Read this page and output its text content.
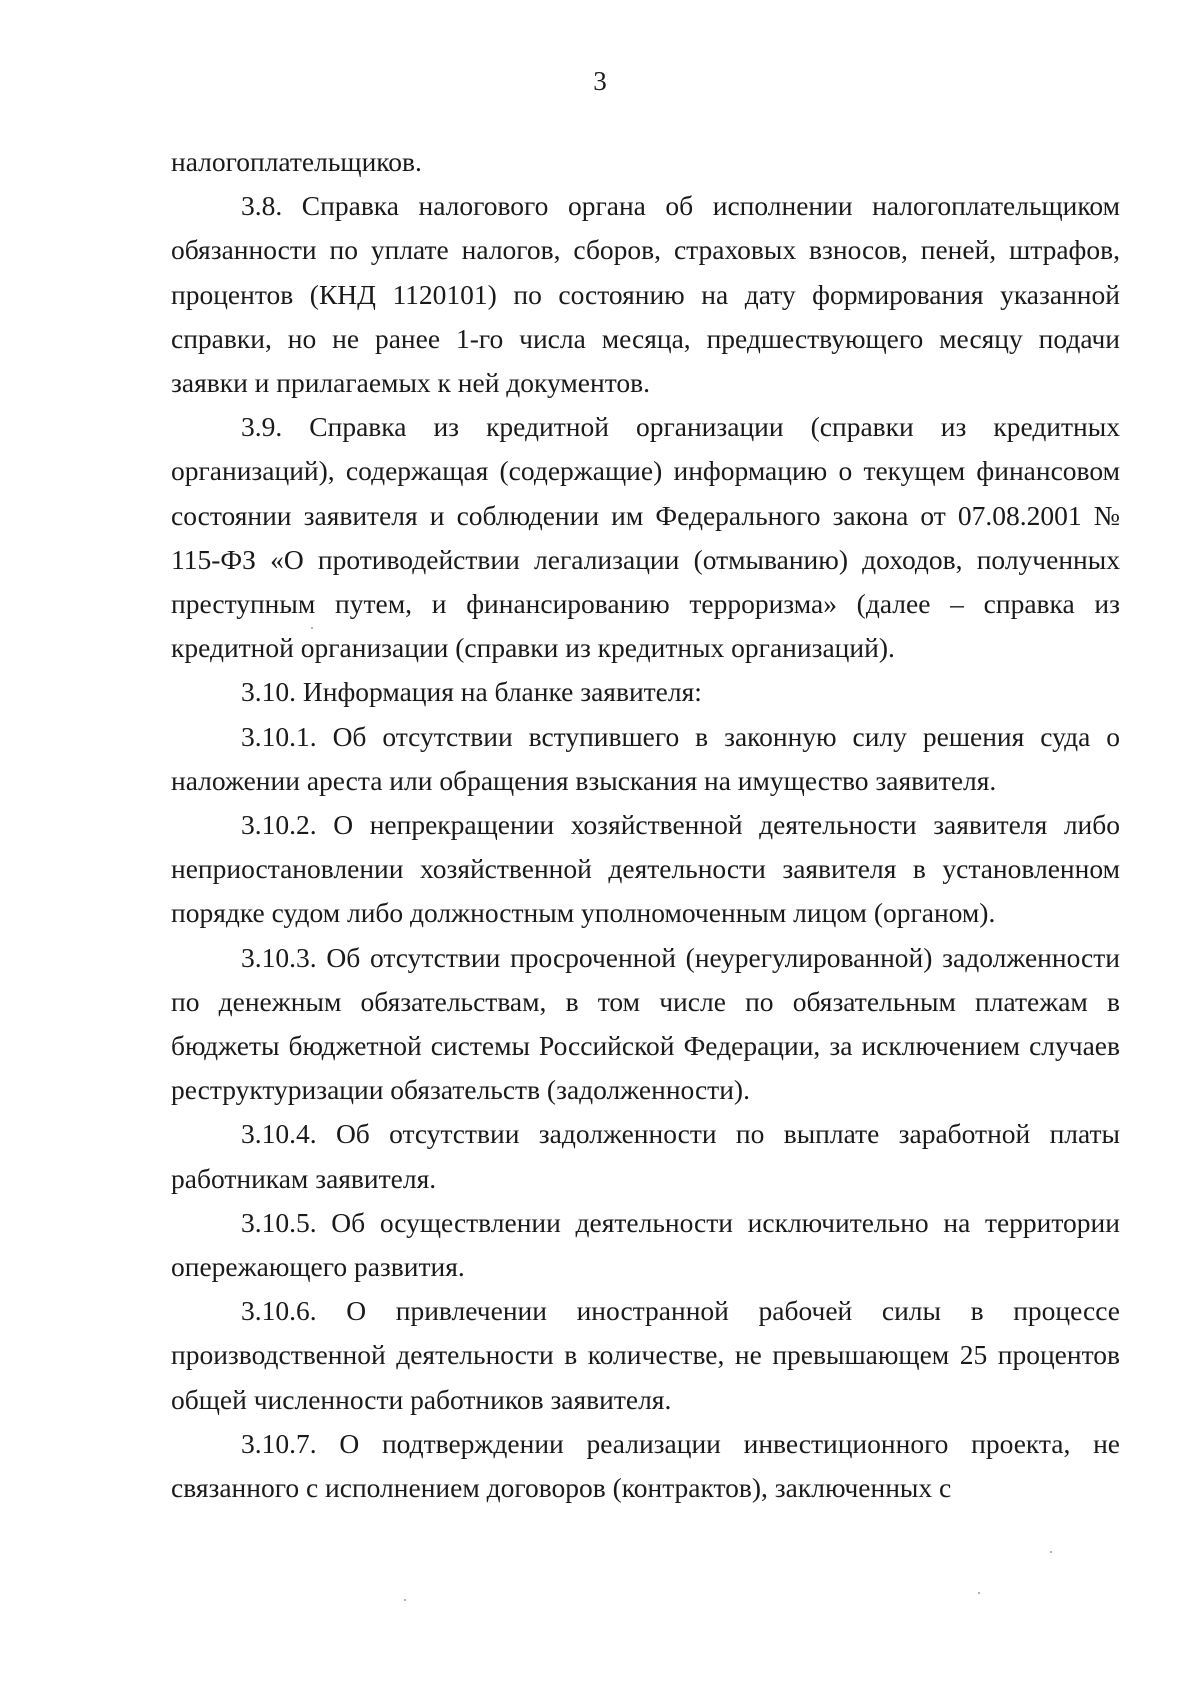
3

налогоплательщиков.

3.8. Справка налогового органа об исполнении налогоплательщиком обязанности по уплате налогов, сборов, страховых взносов, пеней, штрафов, процентов (КНД 1120101) по состоянию на дату формирования указанной справки, но не ранее 1-го числа месяца, предшествующего месяцу подачи заявки и прилагаемых к ней документов.

3.9. Справка из кредитной организации (справки из кредитных организаций), содержащая (содержащие) информацию о текущем финансовом состоянии заявителя и соблюдении им Федерального закона от 07.08.2001 № 115-ФЗ «О противодействии легализации (отмыванию) доходов, полученных преступным путем, и финансированию терроризма» (далее – справка из кредитной организации (справки из кредитных организаций).

3.10. Информация на бланке заявителя:

3.10.1. Об отсутствии вступившего в законную силу решения суда о наложении ареста или обращения взыскания на имущество заявителя.

3.10.2. О непрекращении хозяйственной деятельности заявителя либо неприостановлении хозяйственной деятельности заявителя в установленном порядке судом либо должностным уполномоченным лицом (органом).

3.10.3. Об отсутствии просроченной (неурегулированной) задолженности по денежным обязательствам, в том числе по обязательным платежам в бюджеты бюджетной системы Российской Федерации, за исключением случаев реструктуризации обязательств (задолженности).

3.10.4. Об отсутствии задолженности по выплате заработной платы работникам заявителя.

3.10.5. Об осуществлении деятельности исключительно на территории опережающего развития.

3.10.6. О привлечении иностранной рабочей силы в процессе производственной деятельности в количестве, не превышающем 25 процентов общей численности работников заявителя.

3.10.7. О подтверждении реализации инвестиционного проекта, не связанного с исполнением договоров (контрактов), заключенных с
